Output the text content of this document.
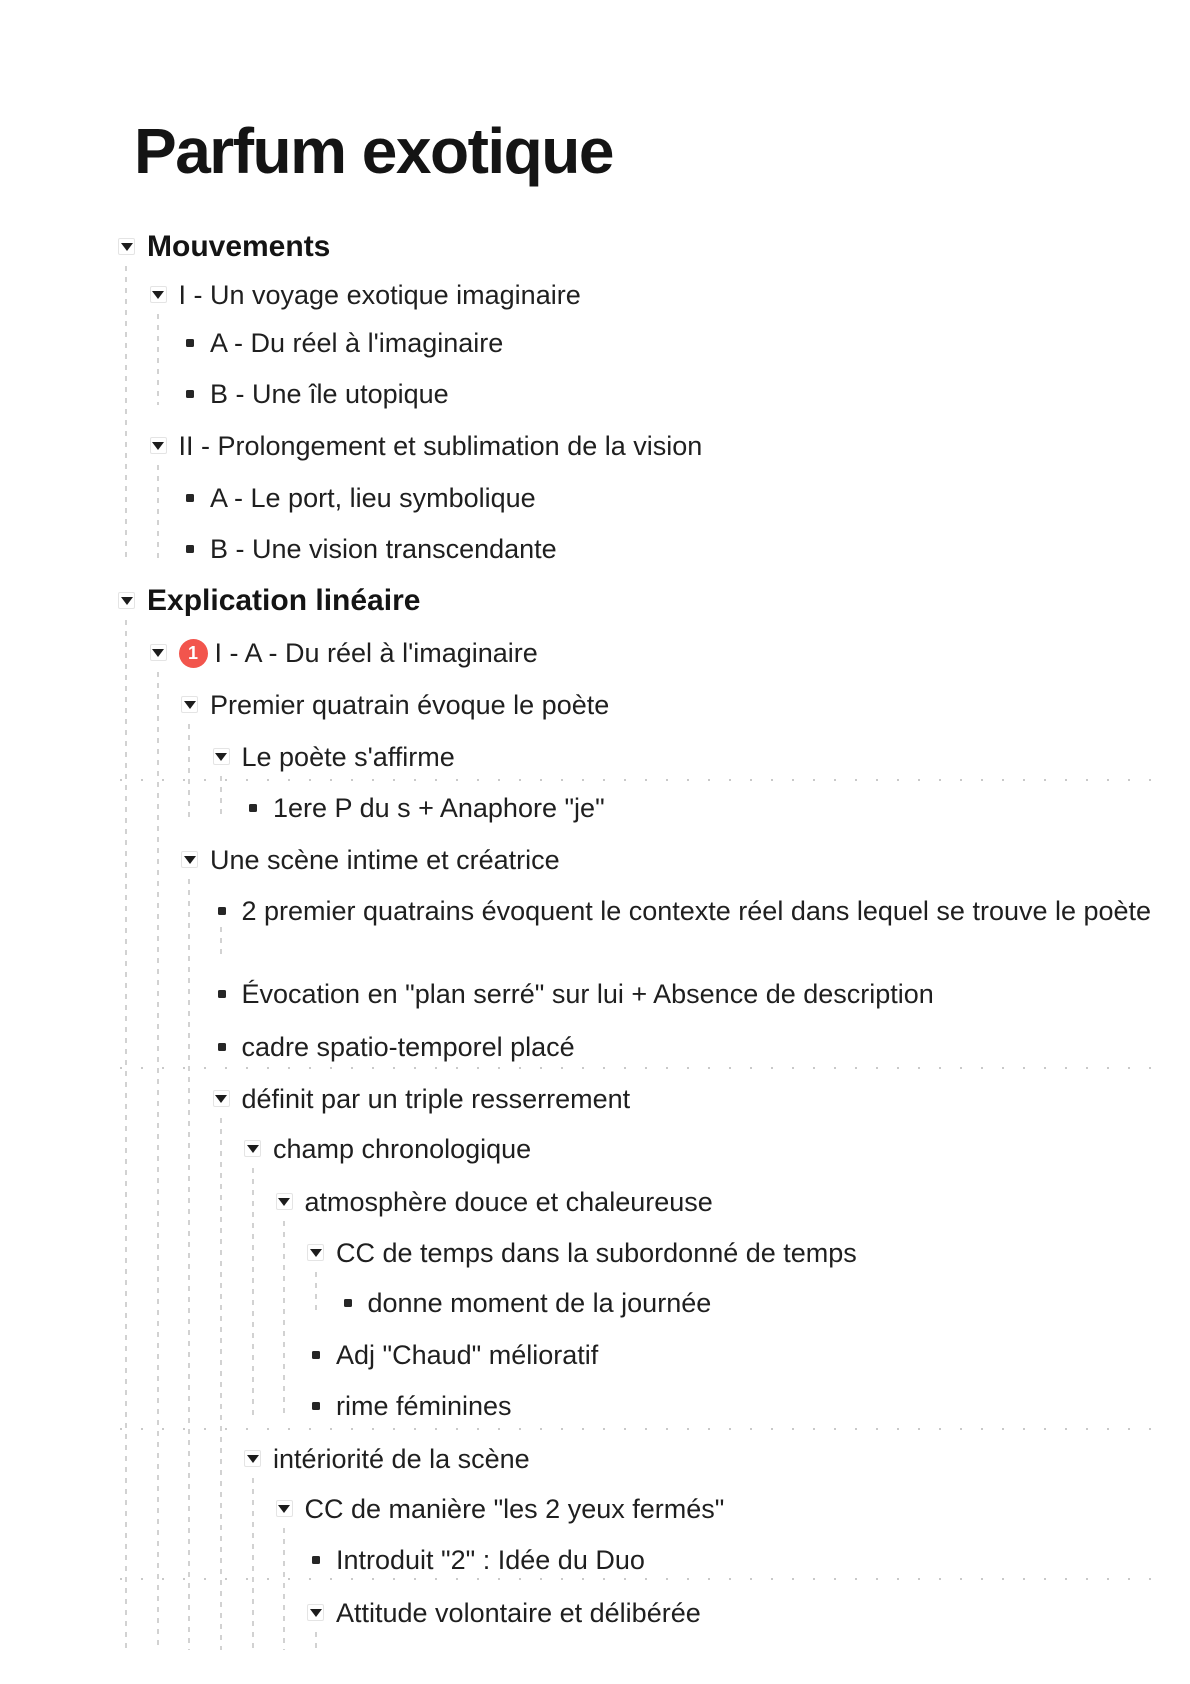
Parfum exotique
Mouvements
I - Un voyage exotique imaginaire
A - Du réel à l'imaginaire
B - Une île utopique
II - Prolongement et sublimation de la vision
A - Le port, lieu symbolique
B - Une vision transcendante
Explication linéaire
1 I - A - Du réel à l'imaginaire
Premier quatrain évoque le poète
Le poète s'affirme
1ere P du s + Anaphore "je"
Une scène intime et créatrice
2 premier quatrains évoquent le contexte réel dans lequel se trouve le poète
Évocation en "plan serré" sur lui + Absence de description
cadre spatio-temporel placé
définit par un triple resserrement
champ chronologique
atmosphère douce et chaleureuse
CC de temps dans la subordonné de temps
donne moment de la journée
Adj "Chaud" mélioratif
rime féminines
intériorité de la scène
CC de manière "les 2 yeux fermés"
Introduit "2" : Idée du Duo
Attitude volontaire et délibérée
